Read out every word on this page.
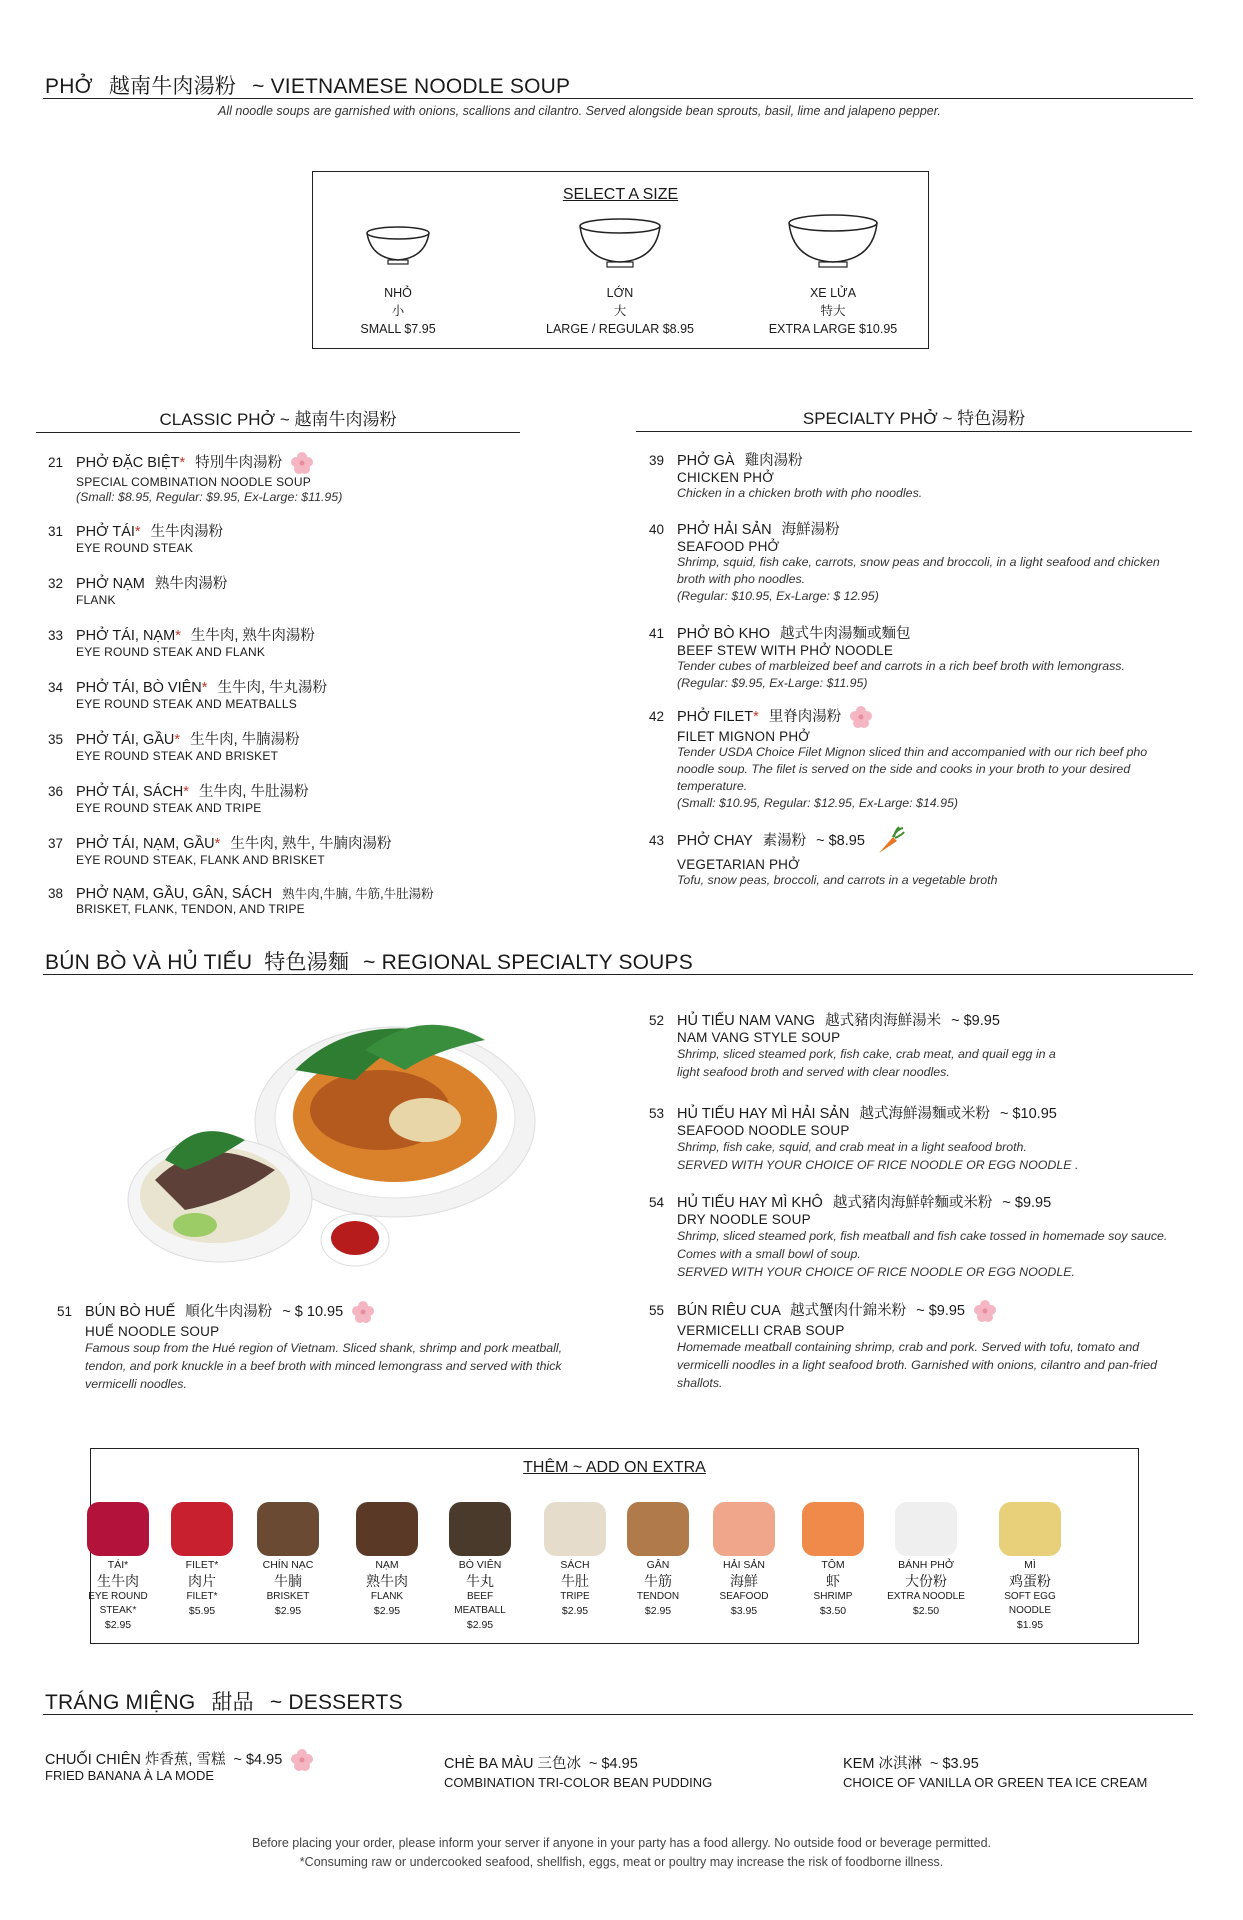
PHỞ 越南牛肉湯粉 ~ VIETNAMESE NOODLE SOUP
All noodle soups are garnished with onions, scallions and cilantro. Served alongside bean sprouts, basil, lime and jalapeno pepper.
SELECT A SIZE
NHỎ
小
SMALL $7.95
LỚN
大
LARGE / REGULAR $8.95
XE LỬA
特大
EXTRA LARGE $10.95
CLASSIC PHỞ ~ 越南牛肉湯粉	SPECIALTY PHỞ ~ 特色湯粉
21 PHỞ ĐẶC BIỆT* 特別牛肉湯粉
SPECIAL COMBINATION NOODLE SOUP
(Small: $8.95, Regular: $9.95, Ex-Large: $11.95)
31 PHỞ TÁI* 生牛肉湯粉
EYE ROUND STEAK
32 PHỞ NẠM 熟牛肉湯粉
FLANK
33 PHỞ TÁI, NẠM* 生牛肉, 熟牛肉湯粉
EYE ROUND STEAK AND FLANK
34 PHỞ TÁI, BÒ VIÊN* 生牛肉, 牛丸湯粉
EYE ROUND STEAK AND MEATBALLS
35 PHỞ TÁI, GẦU* 生牛肉, 牛腩湯粉
EYE ROUND STEAK AND BRISKET
36 PHỞ TÁI, SÁCH* 生牛肉, 牛肚湯粉
EYE ROUND STEAK AND TRIPE
37 PHỞ TÁI, NẠM, GẦU* 生牛肉, 熟牛, 牛腩肉湯粉
EYE ROUND STEAK, FLANK AND BRISKET
38 PHỞ NẠM, GẦU, GÂN, SÁCH 熟牛肉,牛腩, 牛筋,牛肚湯粉
BRISKET, FLANK, TENDON, AND TRIPE
39 PHỞ GÀ 雞肉湯粉
CHICKEN PHỞ
Chicken in a chicken broth with pho noodles.
40 PHỞ HẢI SẢN 海鮮湯粉
SEAFOOD PHỞ
Shrimp, squid, fish cake, carrots, snow peas and broccoli, in a light seafood and chicken broth with pho noodles.
(Regular: $10.95, Ex-Large: $ 12.95)
41 PHỞ BÒ KHO 越式牛肉湯麵或麵包
BEEF STEW WITH PHỞ NOODLE
Tender cubes of marbleized beef and carrots in a rich beef broth with lemongrass.
(Regular: $9.95, Ex-Large: $11.95)
42 PHỞ FILET* 里脊肉湯粉
FILET MIGNON PHỞ
Tender USDA Choice Filet Mignon sliced thin and accompanied with our rich beef pho noodle soup. The filet is served on the side and cooks in your broth to your desired temperature.
(Small: $10.95, Regular: $12.95, Ex-Large: $14.95)
43 PHỞ CHAY 素湯粉 ~ $8.95
VEGETARIAN PHỞ
Tofu, snow peas, broccoli, and carrots in a vegetable broth
BÚN BÒ VÀ HỦ TIẾU 特色湯麵 ~ REGIONAL SPECIALTY SOUPS
51 BÚN BÒ HUẾ 順化牛肉湯粉 ~ $ 10.95
HUẾ NOODLE SOUP
Famous soup from the Hué region of Vietnam. Sliced shank, shrimp and pork meatball, tendon, and pork knuckle in a beef broth with minced lemongrass and served with thick vermicelli noodles.
52 HỦ TIẾU NAM VANG 越式豬肉海鮮湯米 ~ $9.95
NAM VANG STYLE SOUP
Shrimp, sliced steamed pork, fish cake, crab meat, and quail egg in a light seafood broth and served with clear noodles.
53 HỦ TIẾU HAY MÌ HẢI SẢN 越式海鮮湯麵或米粉 ~ $10.95
SEAFOOD NOODLE SOUP
Shrimp, fish cake, squid, and crab meat in a light seafood broth.
SERVED WITH YOUR CHOICE OF RICE NOODLE OR EGG NOODLE .
54 HỦ TIẾU HAY MÌ KHÔ 越式豬肉海鮮幹麵或米粉 ~ $9.95
DRY NOODLE SOUP
Shrimp, sliced steamed pork, fish meatball and fish cake tossed in homemade soy sauce. Comes with a small bowl of soup.
SERVED WITH YOUR CHOICE OF RICE NOODLE OR EGG NOODLE.
55 BÚN RIÊU CUA 越式蟹肉什錦米粉 ~ $9.95
VERMICELLI CRAB SOUP
Homemade meatball containing shrimp, crab and pork. Served with tofu, tomato and vermicelli noodles in a light seafood broth. Garnished with onions, cilantro and pan-fried shallots.
THÊM ~ ADD ON EXTRA
TÁI*
生牛肉
EYE ROUND STEAK*
$2.95
FILET*
肉片
FILET*
$5.95
CHÍN NẠC
牛腩
BRISKET
$2.95
NẠM
熟牛肉
FLANK
$2.95
BÒ VIÊN
牛丸
BEEF MEATBALL
$2.95
SÁCH
牛肚
TRIPE
$2.95
GÂN
牛筋
TENDON
$2.95
HẢI SẢN
海鮮
SEAFOOD
$3.95
TÔM
虾
SHRIMP
$3.50
BÁNH PHỞ
大份粉
EXTRA NOODLE
$2.50
MÌ
鸡蛋粉
SOFT EGG NOODLE
$1.95
TRÁNG MIỆNG 甜品 ~ DESSERTS
CHUỐI CHIÊN 炸香蕉, 雪糕 ~ $4.95
FRIED BANANA À LA MODE
CHÈ BA MÀU 三色冰 ~ $4.95
COMBINATION TRI-COLOR BEAN PUDDING
KEM 冰淇淋 ~ $3.95
CHOICE OF VANILLA OR GREEN TEA ICE CREAM
Before placing your order, please inform your server if anyone in your party has a food allergy. No outside food or beverage permitted.
*Consuming raw or undercooked seafood, shellfish, eggs, meat or poultry may increase the risk of foodborne illness.
